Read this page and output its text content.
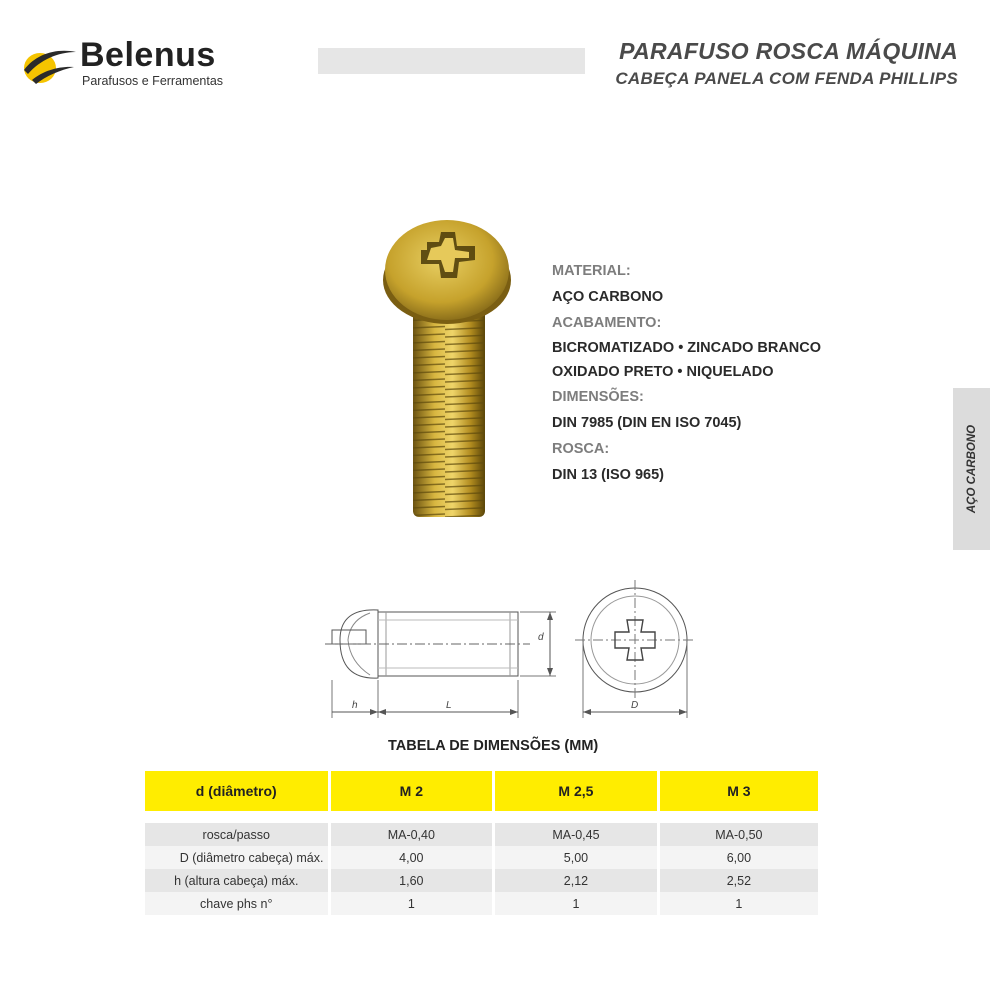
Belenus
Parafusos e Ferramentas
PARAFUSO ROSCA MÁQUINA
CABEÇA PANELA COM FENDA PHILLIPS
MATERIAL:
AÇO CARBONO
ACABAMENTO:
BICROMATIZADO • ZINCADO BRANCO
OXIDADO PRETO • NIQUELADO
DIMENSÕES:
DIN 7985 (DIN EN ISO 7045)
ROSCA:
DIN 13 (ISO 965)	AÇO CARBONO
h	L
d
D
TABELA DE DIMENSÕES (MM)
d (diâmetro)	M 2	M 2,5	M 3

rosca/passo	MA-0,40	MA-0,45	MA-0,50
D (diâmetro cabeça) máx.	4,00	5,00	6,00
h (altura cabeça) máx.	1,60	2,12	2,52
chave phs n°	1	1	1
